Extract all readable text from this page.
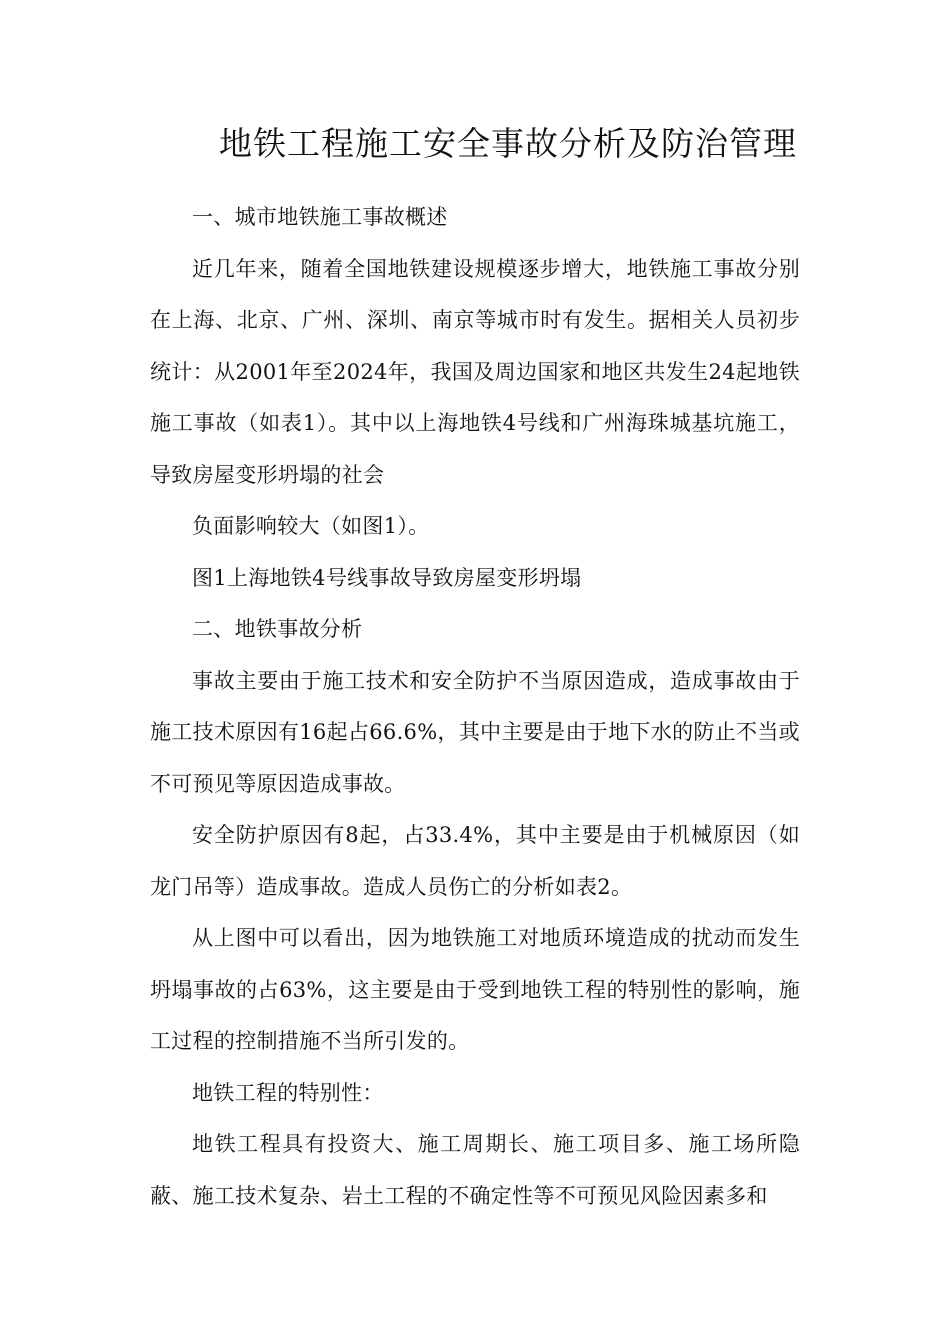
地铁工程施工安全事故分析及防治管理

一、城市地铁施工事故概述

近几年来，随着全国地铁建设规模逐步增大，地铁施工事故分别在上海、北京、广州、深圳、南京等城市时有发生。据相关人员初步统计：从2001年至2024年，我国及周边国家和地区共发生24起地铁施工事故（如表1）。其中以上海地铁4号线和广州海珠城基坑施工，导致房屋变形坍塌的社会

负面影响较大（如图1）。

图1上海地铁4号线事故导致房屋变形坍塌

二、地铁事故分析

事故主要由于施工技术和安全防护不当原因造成，造成事故由于施工技术原因有16起占66.6%，其中主要是由于地下水的防止不当或不可预见等原因造成事故。

安全防护原因有8起，占33.4%，其中主要是由于机械原因（如龙门吊等）造成事故。造成人员伤亡的分析如表2。

从上图中可以看出，因为地铁施工对地质环境造成的扰动而发生坍塌事故的占63%，这主要是由于受到地铁工程的特别性的影响，施工过程的控制措施不当所引发的。

地铁工程的特别性：

地铁工程具有投资大、施工周期长、施工项目多、施工场所隐蔽、施工技术复杂、岩土工程的不确定性等不可预见风险因素多和
